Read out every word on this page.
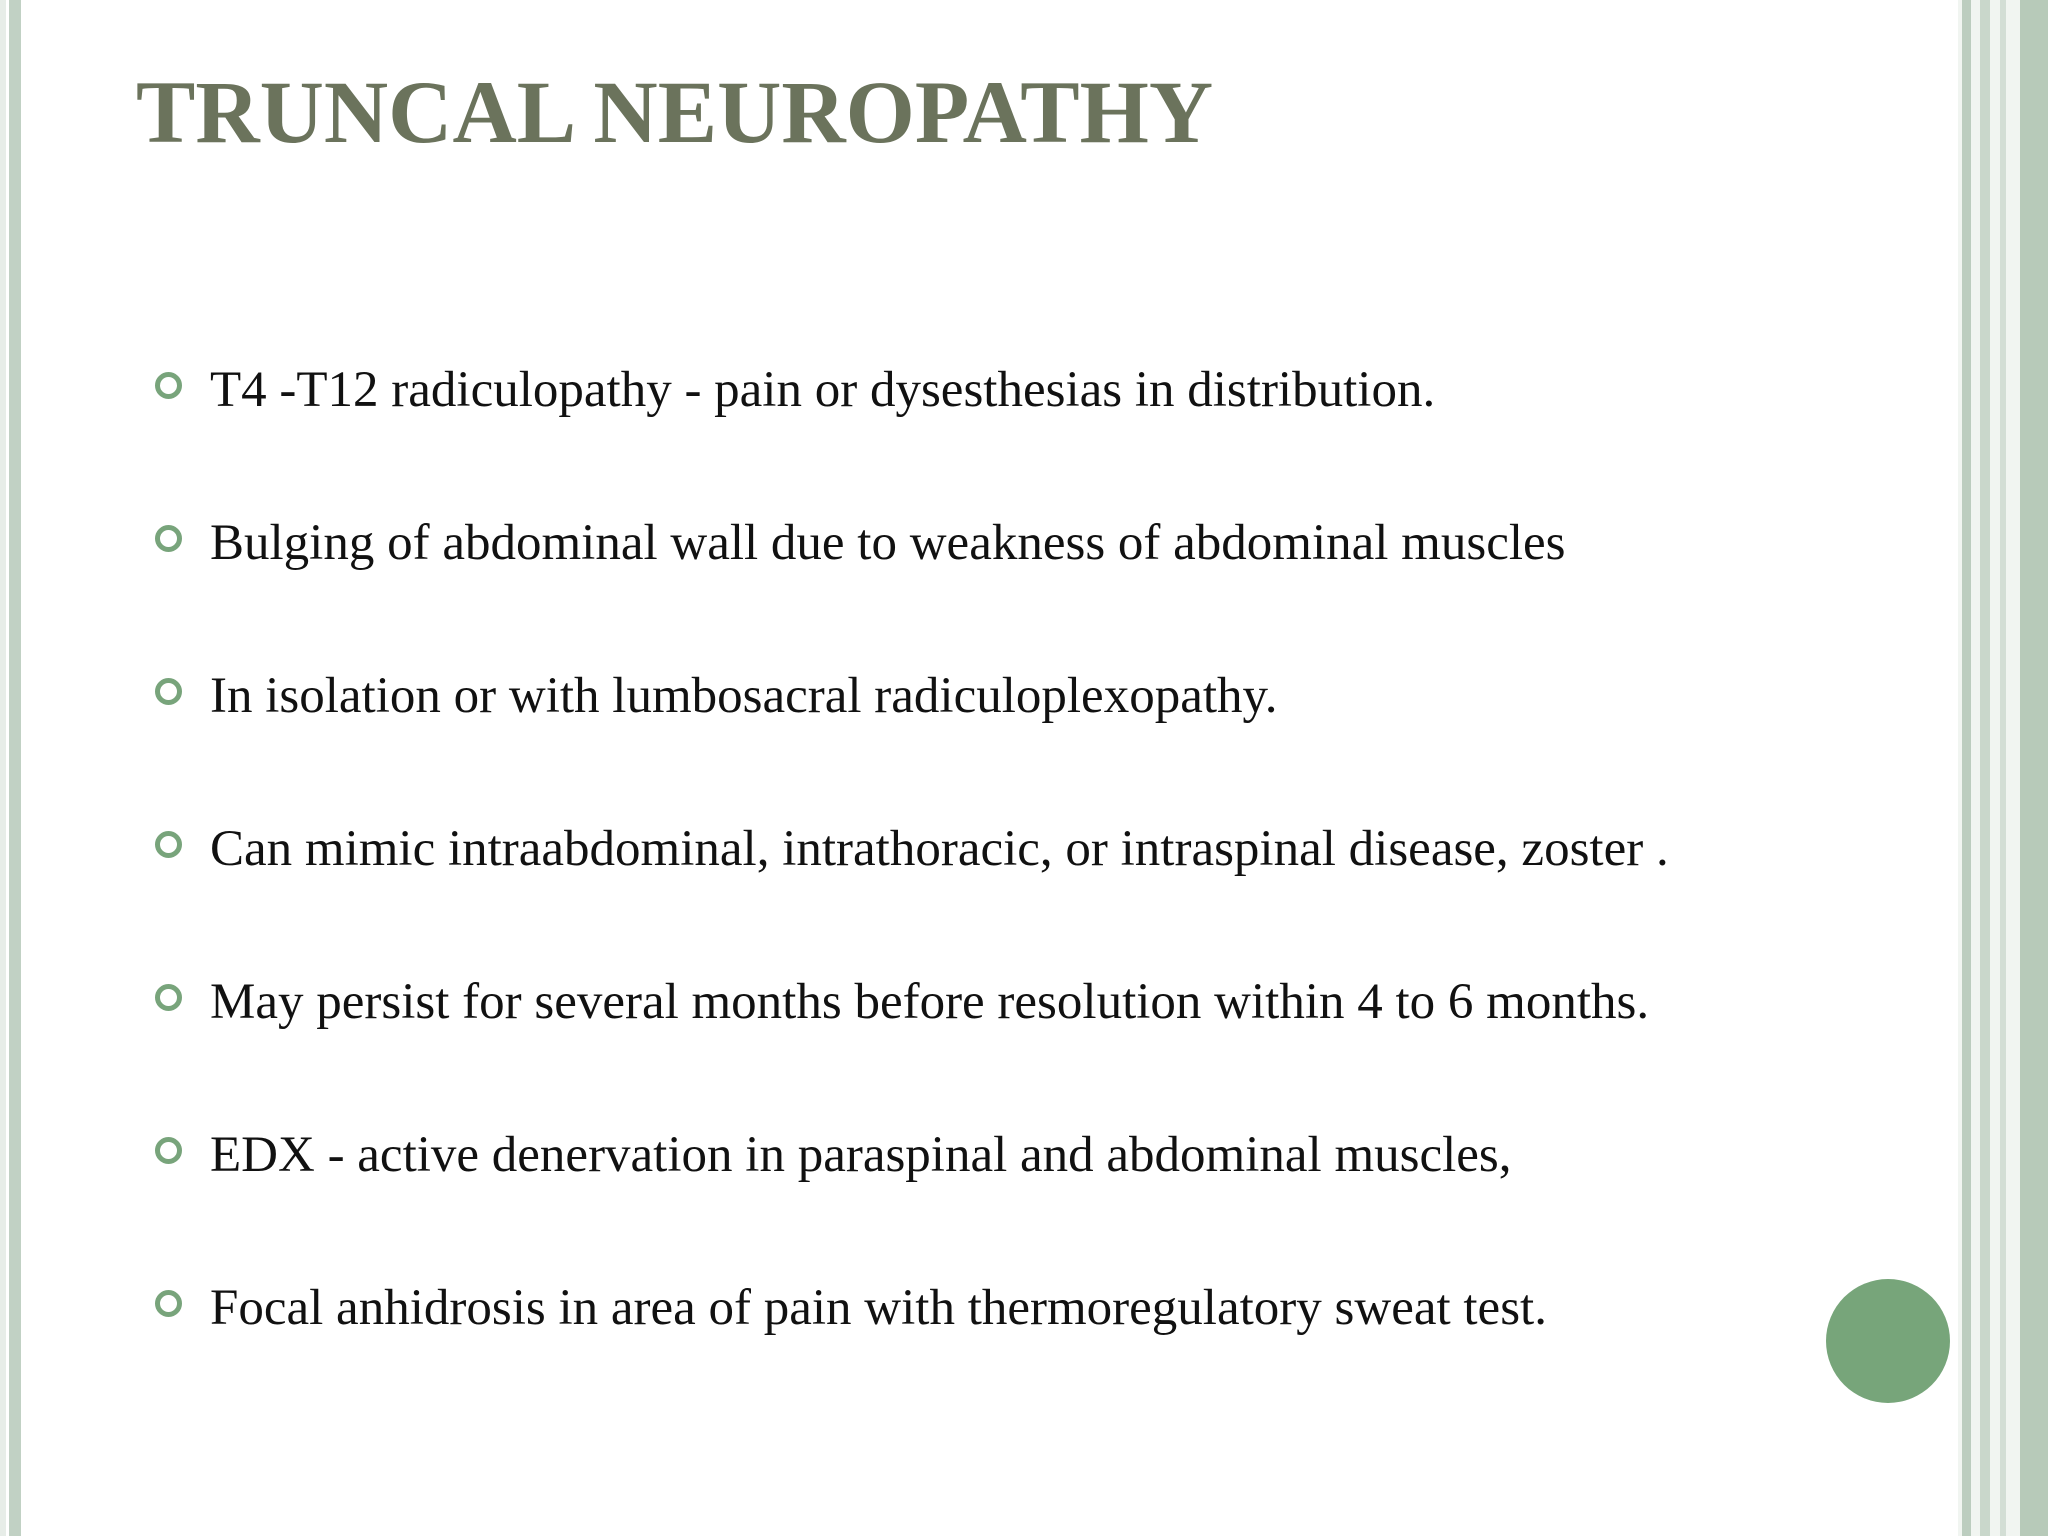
TRUNCAL NEUROPATHY
T4 -T12 radiculopathy - pain or dysesthesias in distribution.
Bulging of abdominal wall due to weakness of abdominal muscles
In isolation or with lumbosacral radiculoplexopathy.
Can mimic intraabdominal, intrathoracic, or intraspinal disease, zoster .
May persist for several months before resolution within 4 to 6 months.
EDX - active denervation in paraspinal and abdominal muscles,
Focal anhidrosis in area of pain with thermoregulatory sweat test.
